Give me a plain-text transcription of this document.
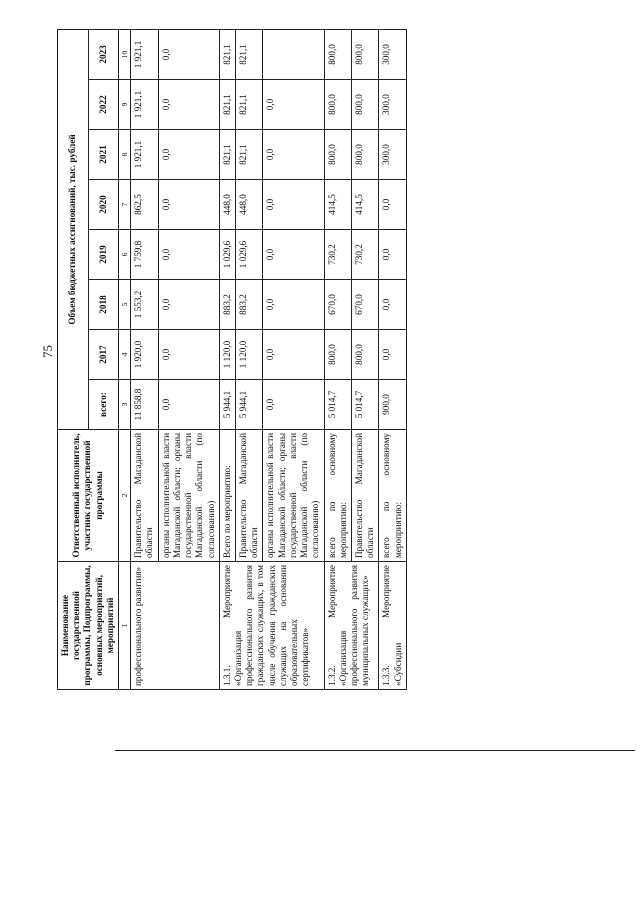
75
Наименование государственной программы, Подпрограммы, основных мероприятий, мероприятий	Ответственный исполнитель, участник государственной программы	Объем бюджетных ассигнований, тыс. рублей							
		всего:	2017	2018	2019	2020	2021	2022	2023
1	2	3	4	5	6	7	8	9	10
профессионального развития»	Правительство Магаданской области	11 858,8	1 920,0	1 553,2	1 759,8	862,5	1 921,1	1 921,1	1 921,1
	органы исполнительной власти Магаданской области; органы государственной власти Магаданской области (по согласованию)	0,0	0,0	0,0	0,0	0,0	0,0	0,0	0,0
1.3.1. Мероприятие «Организация профессионального развития гражданских служащих, в том числе обучения гражданских служащих на основании образовательных сертификатов»	Всего по мероприятию:	5 944,1	1 120,0	883,2	1 029,6	448,0	821,1	821,1	821,1
	Правительство Магаданской области	5 944,1	1 120,0	883,2	1 029,6	448,0	821,1	821,1	821,1
	органы исполнительной власти Магаданской области; органы государственной власти Магаданской области (по согласованию)	0,0	0,0	0,0	0,0	0,0	0,0	0,0	
1.3.2. Мероприятие «Организация профессионального развития муниципальных служащих»	всего по основному мероприятию:	5 014,7	800,0	670,0	730,2	414,5	800,0	800,0	800,0
	Правительство Магаданской области	5 014,7	800,0	670,0	730,2	414,5	800,0	800,0	800,0
1.3.3. Мероприятие «Субсидии	всего по основному мероприятию:	900,0	0,0	0,0	0,0	0,0	300,0	300,0	300,0
